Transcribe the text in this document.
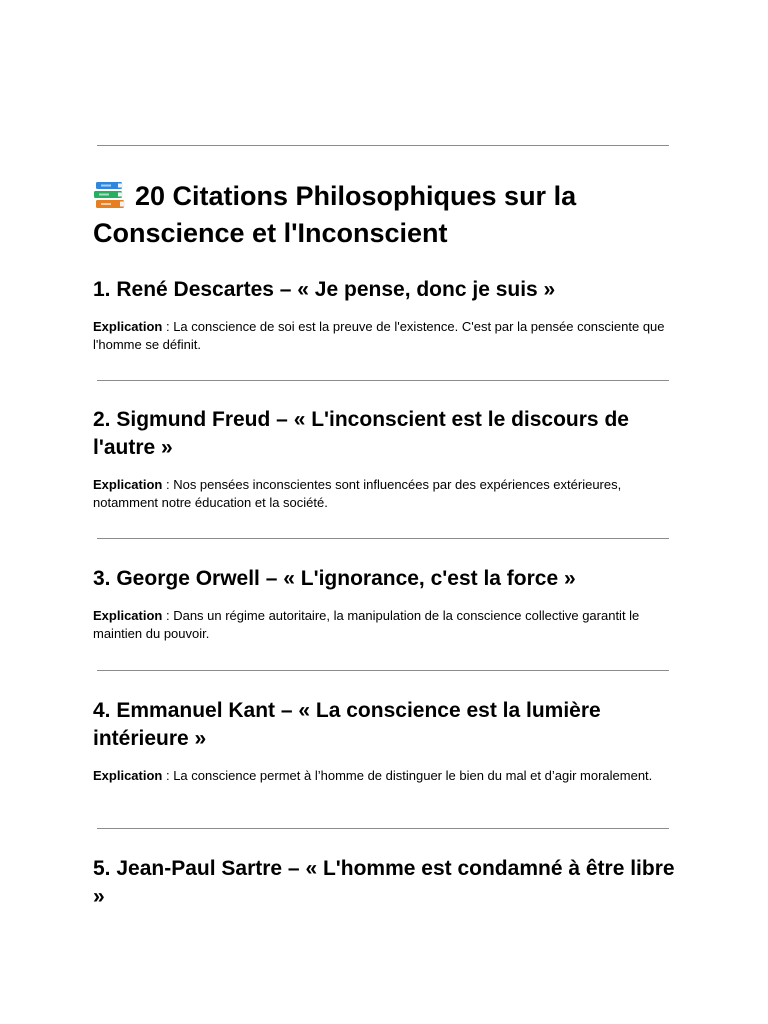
20 Citations Philosophiques sur la Conscience et l'Inconscient
1. René Descartes – « Je pense, donc je suis »

Explication : La conscience de soi est la preuve de l'existence. C'est par la pensée consciente que l'homme se définit.

2. Sigmund Freud – « L'inconscient est le discours de l'autre »

Explication : Nos pensées inconscientes sont influencées par des expériences extérieures, notamment notre éducation et la société.

3. George Orwell – « L'ignorance, c'est la force »

Explication : Dans un régime autoritaire, la manipulation de la conscience collective garantit le maintien du pouvoir.

4. Emmanuel Kant – « La conscience est la lumière intérieure »

Explication : La conscience permet à l’homme de distinguer le bien du mal et d’agir moralement.

5. Jean-Paul Sartre – « L'homme est condamné à être libre »
